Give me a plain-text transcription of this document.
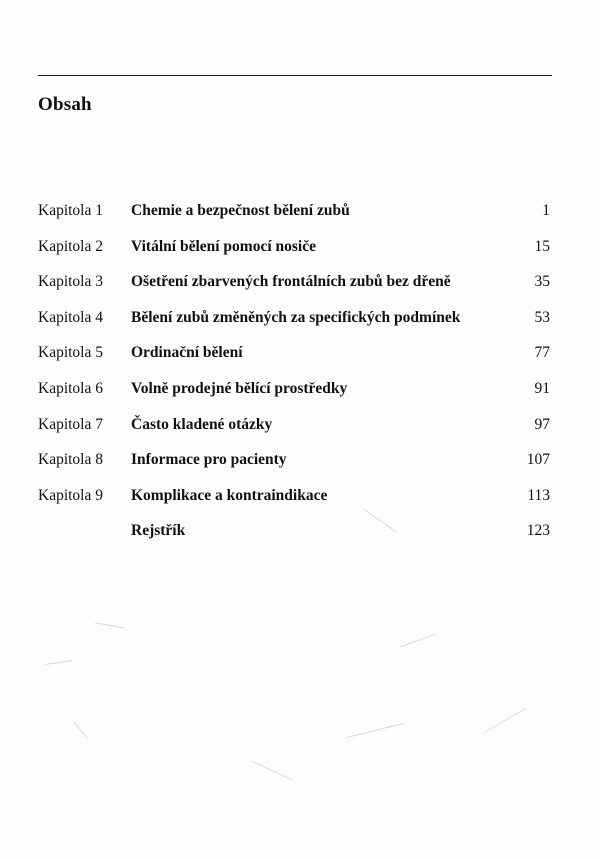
Obsah
Kapitola 1 Chemie a bezpečnost bělení zubů	1
Kapitola 2 Vitální bělení pomocí nosiče	15
Kapitola 3 Ošetření zbarvených frontálních zubů bez dřeně	35
Kapitola 4 Bělení zubů změněných za specifických podmínek	53
Kapitola 5 Ordinační bělení	77
Kapitola 6 Volně prodejné bělící prostředky	91
Kapitola 7 Často kladené otázky	97
Kapitola 8 Informace pro pacienty	107
Kapitola 9 Komplikace a kontraindikace	113
Rejstřík	123
